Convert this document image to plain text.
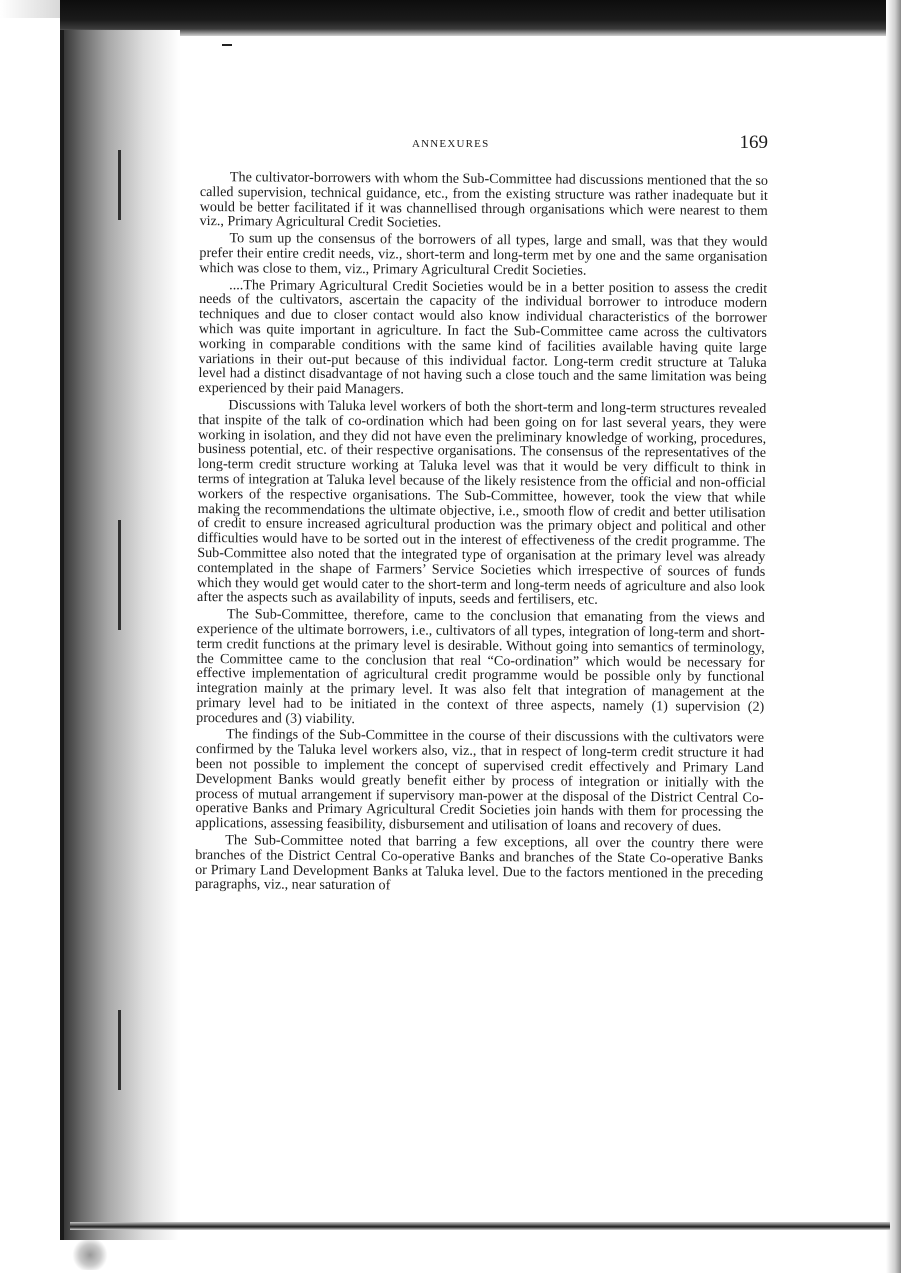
ANNEXURES	169

The cultivator-borrowers with whom the Sub-Committee had discussions mentioned that the so called supervision, technical guidance, etc., from the existing structure was rather inadequate but it would be better facilitated if it was channellised through organisations which were nearest to them viz., Primary Agricultural Credit Societies.

To sum up the consensus of the borrowers of all types, large and small, was that they would prefer their entire credit needs, viz., short-term and long-term met by one and the same organisation which was close to them, viz., Primary Agricultural Credit Societies.

....The Primary Agricultural Credit Societies would be in a better position to assess the credit needs of the cultivators, ascertain the capacity of the individual borrower to introduce modern techniques and due to closer contact would also know individual characteristics of the borrower which was quite important in agriculture. In fact the Sub-Committee came across the cultivators working in comparable conditions with the same kind of facilities available having quite large variations in their out-put because of this individual factor. Long-term credit structure at Taluka level had a distinct disadvantage of not having such a close touch and the same limitation was being experienced by their paid Managers.

Discussions with Taluka level workers of both the short-term and long-term structures revealed that inspite of the talk of co-ordination which had been going on for last several years, they were working in isolation, and they did not have even the preliminary knowledge of working, procedures, business potential, etc. of their respective organisations. The consensus of the representatives of the long-term credit structure working at Taluka level was that it would be very difficult to think in terms of integration at Taluka level because of the likely resistence from the official and non-official workers of the respective organisations. The Sub-Committee, however, took the view that while making the recommendations the ultimate objective, i.e., smooth flow of credit and better utilisation of credit to ensure increased agricultural production was the primary object and political and other difficulties would have to be sorted out in the interest of effectiveness of the credit programme. The Sub-Committee also noted that the integrated type of organisation at the primary level was already contemplated in the shape of Farmers’ Service Societies which irrespective of sources of funds which they would get would cater to the short-term and long-term needs of agriculture and also look after the aspects such as availability of inputs, seeds and fertilisers, etc.

The Sub-Committee, therefore, came to the conclusion that emanating from the views and experience of the ultimate borrowers, i.e., cultivators of all types, integration of long-term and short-term credit functions at the primary level is desirable. Without going into semantics of terminology, the Committee came to the conclusion that real “Co-ordination” which would be necessary for effective implementation of agricultural credit programme would be possible only by functional integration mainly at the primary level. It was also felt that integration of management at the primary level had to be initiated in the context of three aspects, namely (1) supervision (2) procedures and (3) viability.

The findings of the Sub-Committee in the course of their discussions with the cultivators were confirmed by the Taluka level workers also, viz., that in respect of long-term credit structure it had been not possible to implement the concept of supervised credit effectively and Primary Land Development Banks would greatly benefit either by process of integration or initially with the process of mutual arrangement if supervisory man-power at the disposal of the District Central Co-operative Banks and Primary Agricultural Credit Societies join hands with them for processing the applications, assessing feasibility, disbursement and utilisation of loans and recovery of dues.

The Sub-Committee noted that barring a few exceptions, all over the country there were branches of the District Central Co-operative Banks and branches of the State Co-operative Banks or Primary Land Development Banks at Taluka level. Due to the factors mentioned in the preceding paragraphs, viz., near saturation of
